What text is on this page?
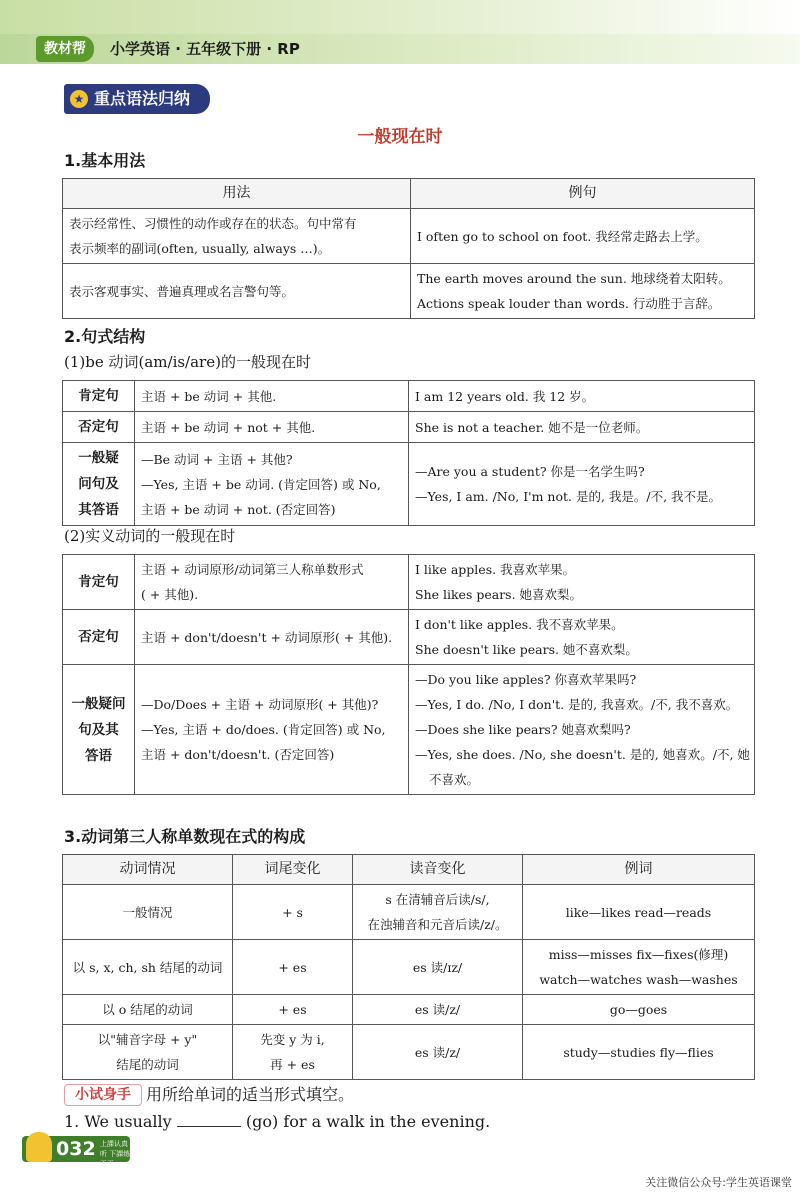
教材帮	小学英语 · 五年级下册 · RP
★ 重点语法归纳
一般现在时
1.基本用法
用法	例句

表示经常性、习惯性的动作或存在的状态。句中常有
表示频率的副词(often, usually, always …)。	I often go to school on foot. 我经常走路去上学。

表示客观事实、普遍真理或名言警句等。	The earth moves around the sun. 地球绕着太阳转。
Actions speak louder than words. 行动胜于言辞。
2.句式结构
(1)be 动词(am/is/are)的一般现在时
肯定句	主语 + be 动词 + 其他.	I am 12 years old. 我 12 岁。

否定句	主语 + be 动词 + not + 其他.	She is not a teacher. 她不是一位老师。

一般疑
问句及
其答语	—Be 动词 + 主语 + 其他?
—Yes, 主语 + be 动词. (肯定回答) 或 No,
主语 + be 动词 + not. (否定回答)	—Are you a student? 你是一名学生吗?
—Yes, I am. /No, I'm not. 是的, 我是。/不, 我不是。
(2)实义动词的一般现在时
肯定句	主语 + 动词原形/动词第三人称单数形式
( + 其他).	I like apples. 我喜欢苹果。
She likes pears. 她喜欢梨。

否定句	主语 + don't/doesn't + 动词原形( + 其他).	I don't like apples. 我不喜欢苹果。
She doesn't like pears. 她不喜欢梨。

一般疑问
句及其
答语	—Do/Does + 主语 + 动词原形( + 其他)?
—Yes, 主语 + do/does. (肯定回答) 或 No,
主语 + don't/doesn't. (否定回答)	—Do you like apples? 你喜欢苹果吗?
—Yes, I do. /No, I don't. 是的, 我喜欢。/不, 我不喜欢。
—Does she like pears? 她喜欢梨吗?
—Yes, she does. /No, she doesn't. 是的, 她喜欢。/不, 她
不喜欢。
3.动词第三人称单数现在式的构成
动词情况	词尾变化	读音变化	例词
一般情况	+ s	s 在清辅音后读/s/,
在浊辅音和元音后读/z/。	like—likes read—reads
以 s, x, ch, sh 结尾的动词	+ es	es 读/ɪz/	miss—misses fix—fixes(修理)
watch—watches wash—washes

以 o 结尾的动词	+ es	es 读/z/	go—goes

以"辅音字母 + y"
结尾的动词	先变 y 为 i,
再 + es	es 读/z/	study—studies fly—flies
小试身手 用所给单词的适当形式填空。
1. We usually	(go) for a walk in the evening.
032 上課认真听 下課练天天
关注微信公众号:学生英语课堂
